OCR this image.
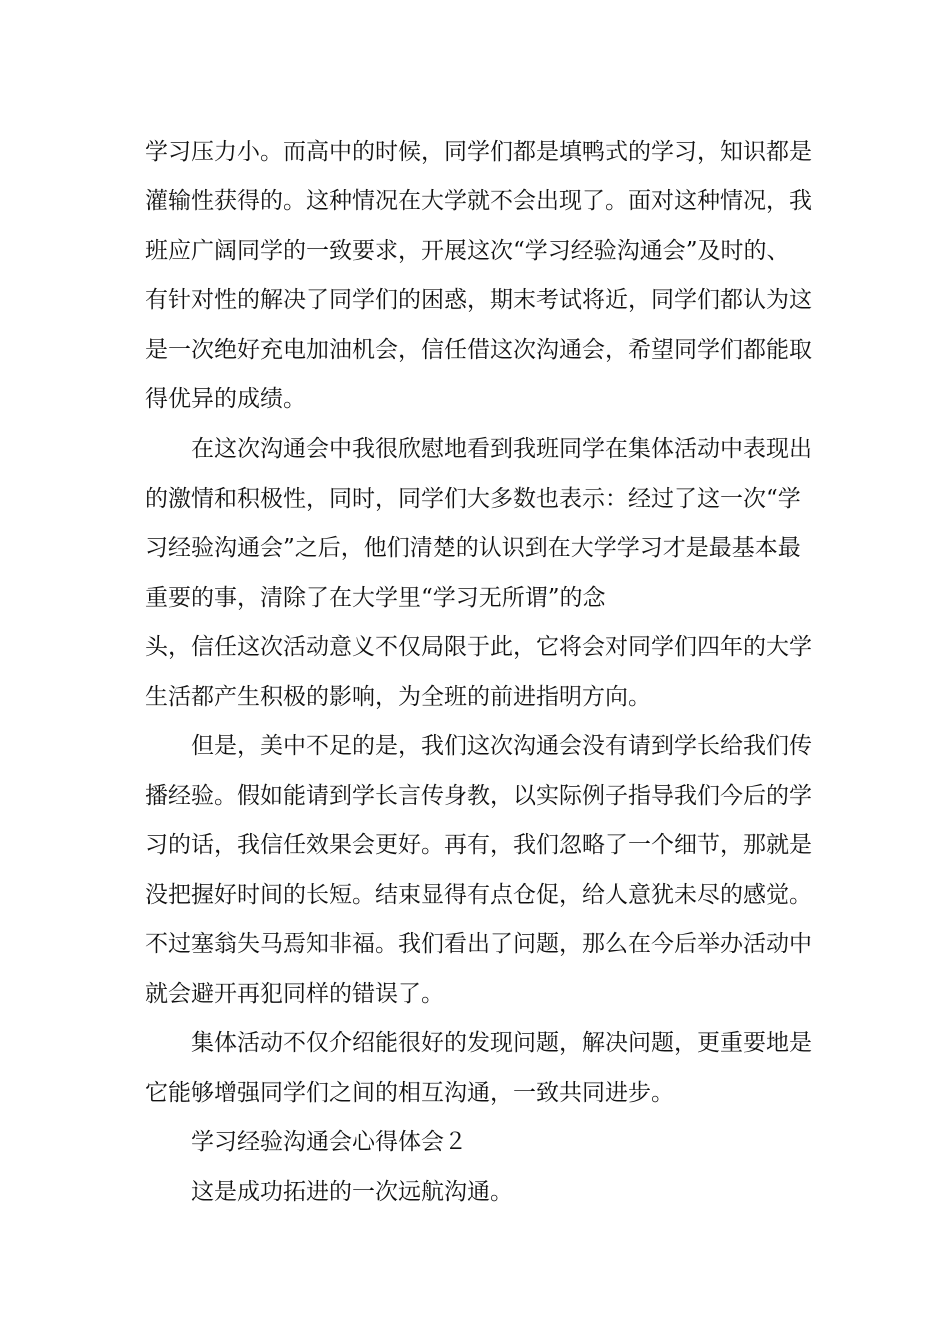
学习压力小。而高中的时候，同学们都是填鸭式的学习，知识都是
灌输性获得的。这种情况在大学就不会出现了。面对这种情况，我
班应广阔同学的一致要求，开展这次“学习经验沟通会”及时的、
有针对性的解决了同学们的困惑，期末考试将近，同学们都认为这
是一次绝好充电加油机会，信任借这次沟通会，希望同学们都能取
得优异的成绩。
在这次沟通会中我很欣慰地看到我班同学在集体活动中表现出
的激情和积极性，同时，同学们大多数也表示：经过了这一次“学
习经验沟通会”之后，他们清楚的认识到在大学学习才是最基本最
重要的事，清除了在大学里“学习无所谓”的念
头，信任这次活动意义不仅局限于此，它将会对同学们四年的大学
生活都产生积极的影响，为全班的前进指明方向。
但是，美中不足的是，我们这次沟通会没有请到学长给我们传
播经验。假如能请到学长言传身教，以实际例子指导我们今后的学
习的话，我信任效果会更好。再有，我们忽略了一个细节，那就是
没把握好时间的长短。结束显得有点仓促，给人意犹未尽的感觉。
不过塞翁失马焉知非福。我们看出了问题，那么在今后举办活动中
就会避开再犯同样的错误了。
集体活动不仅介绍能很好的发现问题，解决问题，更重要地是
它能够增强同学们之间的相互沟通，一致共同进步。
学习经验沟通会心得体会２
这是成功拓进的一次远航沟通。
